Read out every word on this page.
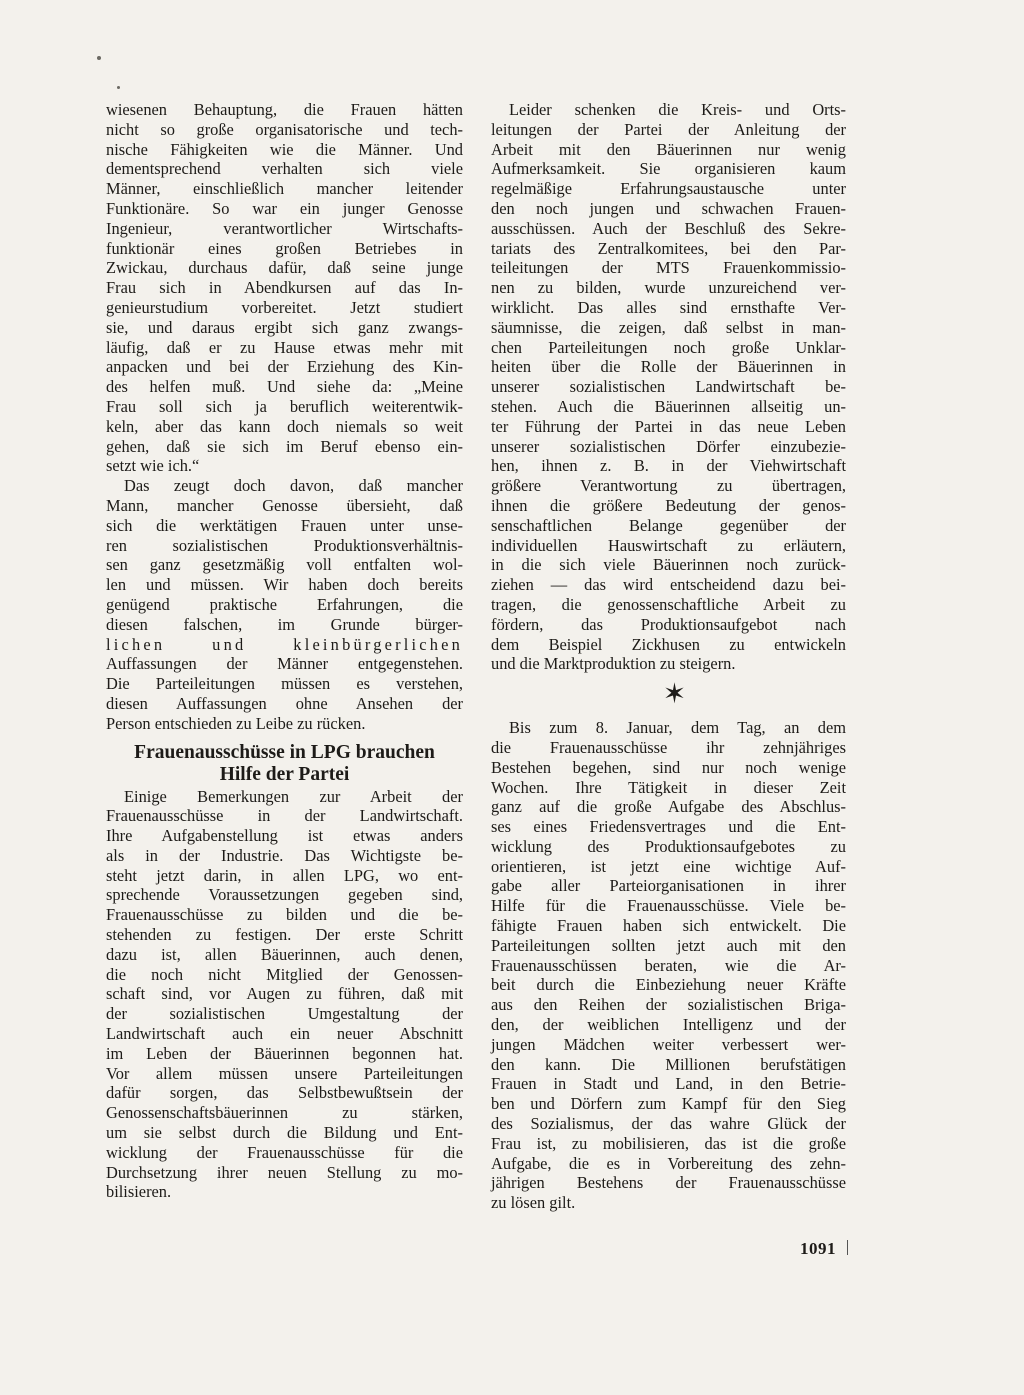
wiesenen Behauptung, die Frauen hätten
nicht so große organisatorische und tech-
nische Fähigkeiten wie die Männer. Und
dementsprechend verhalten sich viele
Männer, einschließlich mancher leitender
Funktionäre. So war ein junger Genosse
Ingenieur, verantwortlicher Wirtschafts-
funktionär eines großen Betriebes in
Zwickau, durchaus dafür, daß seine junge
Frau sich in Abendkursen auf das In-
genieurstudium vorbereitet. Jetzt studiert
sie, und daraus ergibt sich ganz zwangs-
läufig, daß er zu Hause etwas mehr mit
anpacken und bei der Erziehung des Kin-
des helfen muß. Und siehe da: „Meine
Frau soll sich ja beruflich weiterentwik-
keln, aber das kann doch niemals so weit
gehen, daß sie sich im Beruf ebenso ein-
setzt wie ich.“
Das zeugt doch davon, daß mancher
Mann, mancher Genosse übersieht, daß
sich die werktätigen Frauen unter unse-
ren sozialistischen Produktionsverhältnis-
sen ganz gesetzmäßig voll entfalten wol-
len und müssen. Wir haben doch bereits
genügend praktische Erfahrungen, die
diesen falschen, im Grunde bürger-
lichen und kleinbürgerlichen
Auffassungen der Männer entgegenstehen.
Die Parteileitungen müssen es verstehen,
diesen Auffassungen ohne Ansehen der
Person entschieden zu Leibe zu rücken.
Frauenausschüsse in LPG brauchen
Hilfe der Partei
Einige Bemerkungen zur Arbeit der
Frauenausschüsse in der Landwirtschaft.
Ihre Aufgabenstellung ist etwas anders
als in der Industrie. Das Wichtigste be-
steht jetzt darin, in allen LPG, wo ent-
sprechende Voraussetzungen gegeben sind,
Frauenausschüsse zu bilden und die be-
stehenden zu festigen. Der erste Schritt
dazu ist, allen Bäuerinnen, auch denen,
die noch nicht Mitglied der Genossen-
schaft sind, vor Augen zu führen, daß mit
der sozialistischen Umgestaltung der
Landwirtschaft auch ein neuer Abschnitt
im Leben der Bäuerinnen begonnen hat.
Vor allem müssen unsere Parteileitungen
dafür sorgen, das Selbstbewußtsein der
Genossenschaftsbäuerinnen zu stärken,
um sie selbst durch die Bildung und Ent-
wicklung der Frauenausschüsse für die
Durchsetzung ihrer neuen Stellung zu mo-
bilisieren.
Leider schenken die Kreis- und Orts-
leitungen der Partei der Anleitung der
Arbeit mit den Bäuerinnen nur wenig
Aufmerksamkeit. Sie organisieren kaum
regelmäßige Erfahrungsaustausche unter
den noch jungen und schwachen Frauen-
ausschüssen. Auch der Beschluß des Sekre-
tariats des Zentralkomitees, bei den Par-
teileitungen der MTS Frauenkommissio-
nen zu bilden, wurde unzureichend ver-
wirklicht. Das alles sind ernsthafte Ver-
säumnisse, die zeigen, daß selbst in man-
chen Parteileitungen noch große Unklar-
heiten über die Rolle der Bäuerinnen in
unserer sozialistischen Landwirtschaft be-
stehen. Auch die Bäuerinnen allseitig un-
ter Führung der Partei in das neue Leben
unserer sozialistischen Dörfer einzubezie-
hen, ihnen z. B. in der Viehwirtschaft
größere Verantwortung zu übertragen,
ihnen die größere Bedeutung der genos-
senschaftlichen Belange gegenüber der
individuellen Hauswirtschaft zu erläutern,
in die sich viele Bäuerinnen noch zurück-
ziehen — das wird entscheidend dazu bei-
tragen, die genossenschaftliche Arbeit zu
fördern, das Produktionsaufgebot nach
dem Beispiel Zickhusen zu entwickeln
und die Marktproduktion zu steigern.
✶
Bis zum 8. Januar, dem Tag, an dem
die Frauenausschüsse ihr zehnjähriges
Bestehen begehen, sind nur noch wenige
Wochen. Ihre Tätigkeit in dieser Zeit
ganz auf die große Aufgabe des Abschlus-
ses eines Friedensvertrages und die Ent-
wicklung des Produktionsaufgebotes zu
orientieren, ist jetzt eine wichtige Auf-
gabe aller Parteiorganisationen in ihrer
Hilfe für die Frauenausschüsse. Viele be-
fähigte Frauen haben sich entwickelt. Die
Parteileitungen sollten jetzt auch mit den
Frauenausschüssen beraten, wie die Ar-
beit durch die Einbeziehung neuer Kräfte
aus den Reihen der sozialistischen Briga-
den, der weiblichen Intelligenz und der
jungen Mädchen weiter verbessert wer-
den kann. Die Millionen berufstätigen
Frauen in Stadt und Land, in den Betrie-
ben und Dörfern zum Kampf für den Sieg
des Sozialismus, der das wahre Glück der
Frau ist, zu mobilisieren, das ist die große
Aufgabe, die es in Vorbereitung des zehn-
jährigen Bestehens der Frauenausschüsse
zu lösen gilt.
1091
